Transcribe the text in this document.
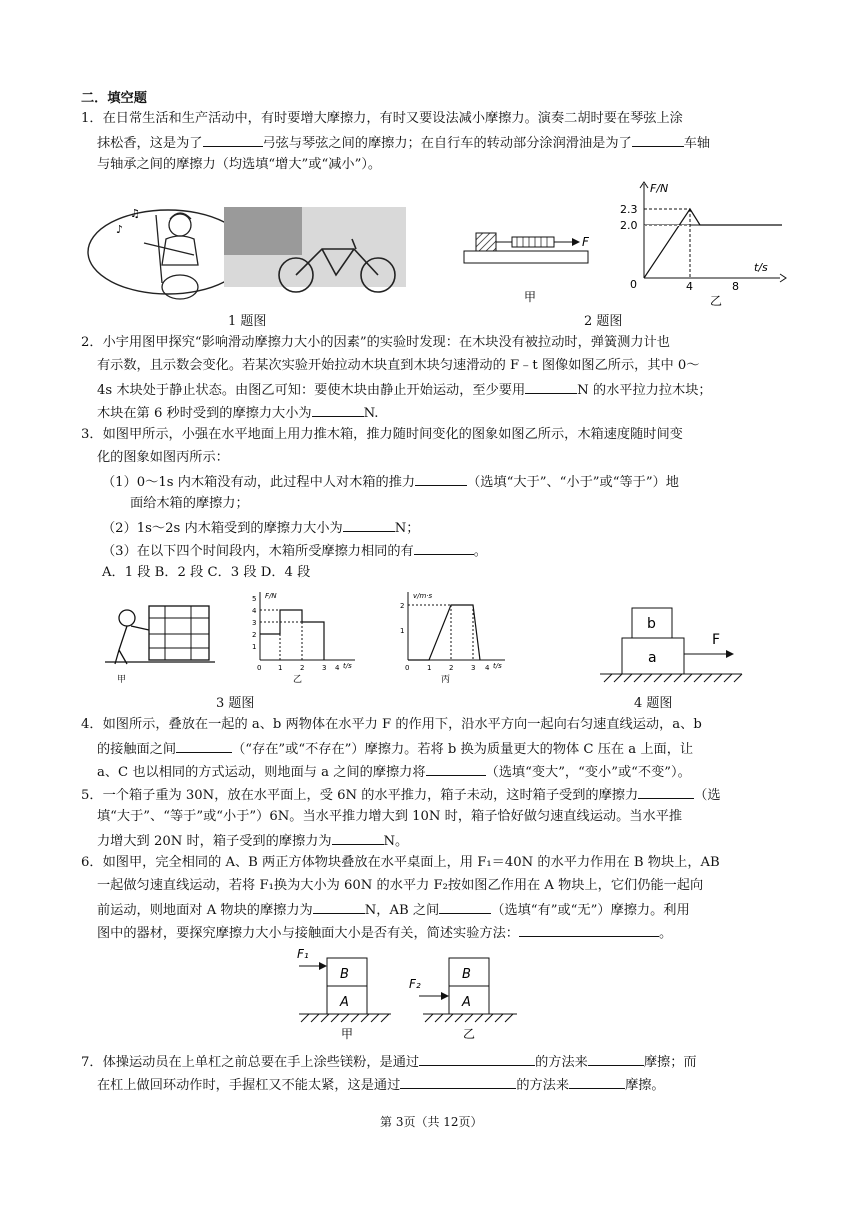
二．填空题
1．在日常生活和生产活动中，有时要增大摩擦力，有时又要设法减小摩擦力。演奏二胡时要在琴弦上涂
抹松香，这是为了	弓弦与琴弦之间的摩擦力；在自行车的转动部分涂润滑油是为了	车轴
与轴承之间的摩擦力（均选填“增大”或“减小”）。
♪
♫
F
甲
F/N
t/s
0
2.3
2.0
4	8
乙
1 题图	2 题图
2．小宇用图甲探究“影响滑动摩擦力大小的因素”的实验时发现：在木块没有被拉动时，弹簧测力计也
有示数，且示数会变化。若某次实验开始拉动木块直到木块匀速滑动的 F﹣t 图像如图乙所示，其中 0～
4s 木块处于静止状态。由图乙可知：要使木块由静止开始运动，至少要用	N 的水平拉力拉木块；
木块在第 6 秒时受到的摩擦力大小为	N.
3．如图甲所示，小强在水平地面上用力推木箱，推力随时间变化的图象如图乙所示，木箱速度随时间变
化的图象如图丙所示：
（1）0～1s 内木箱没有动，此过程中人对木箱的推力	（选填“大于”、“小于”或“等于”）地
面给木箱的摩擦力；
（2）1s～2s 内木箱受到的摩擦力大小为	N；
（3）在以下四个时间段内，木箱所受摩擦力相同的有	。
A．1 段 B．2 段 C．3 段 D．4 段
甲
F/N
t/s
1
2
3
4
5
0 1	2	3 4
乙
v/m·s
t/s
1
2
0	1	2	3 4
丙
b
a
F
3 题图	4 题图
4．如图所示，叠放在一起的 a、b 两物体在水平力 F 的作用下，沿水平方向一起向右匀速直线运动，a、b
的接触面之间	（“存在”或“不存在”）摩擦力。若将 b 换为质量更大的物体 C 压在 a 上面，让
a、C 也以相同的方式运动，则地面与 a 之间的摩擦力将	（选填“变大”，“变小”或“不变”）。
5．一个箱子重为 30N，放在水平面上，受 6N 的水平推力，箱子未动，这时箱子受到的摩擦力	（选
填“大于”、“等于”或“小于”）6N。当水平推力增大到 10N 时，箱子恰好做匀速直线运动。当水平推
力增大到 20N 时，箱子受到的摩擦力为	N。
6．如图甲，完全相同的 A、B 两正方体物块叠放在水平桌面上，用 F₁＝40N 的水平力作用在 B 物块上，AB
一起做匀速直线运动，若将 F₁换为大小为 60N 的水平力 F₂按如图乙作用在 A 物块上，它们仍能一起向
前运动，则地面对 A 物块的摩擦力为	N，AB 之间	（选填“有”或“无”）摩擦力。利用
图中的器材，要探究摩擦力大小与接触面大小是否有关，简述实验方法：	。
B
A
F₁
甲
B
A
F₂
乙
7．体操运动员在上单杠之前总要在手上涂些镁粉，是通过	的方法来	摩擦；而
在杠上做回环动作时，手握杠又不能太紧，这是通过	的方法来	摩擦。
第 3页（共 12页）
